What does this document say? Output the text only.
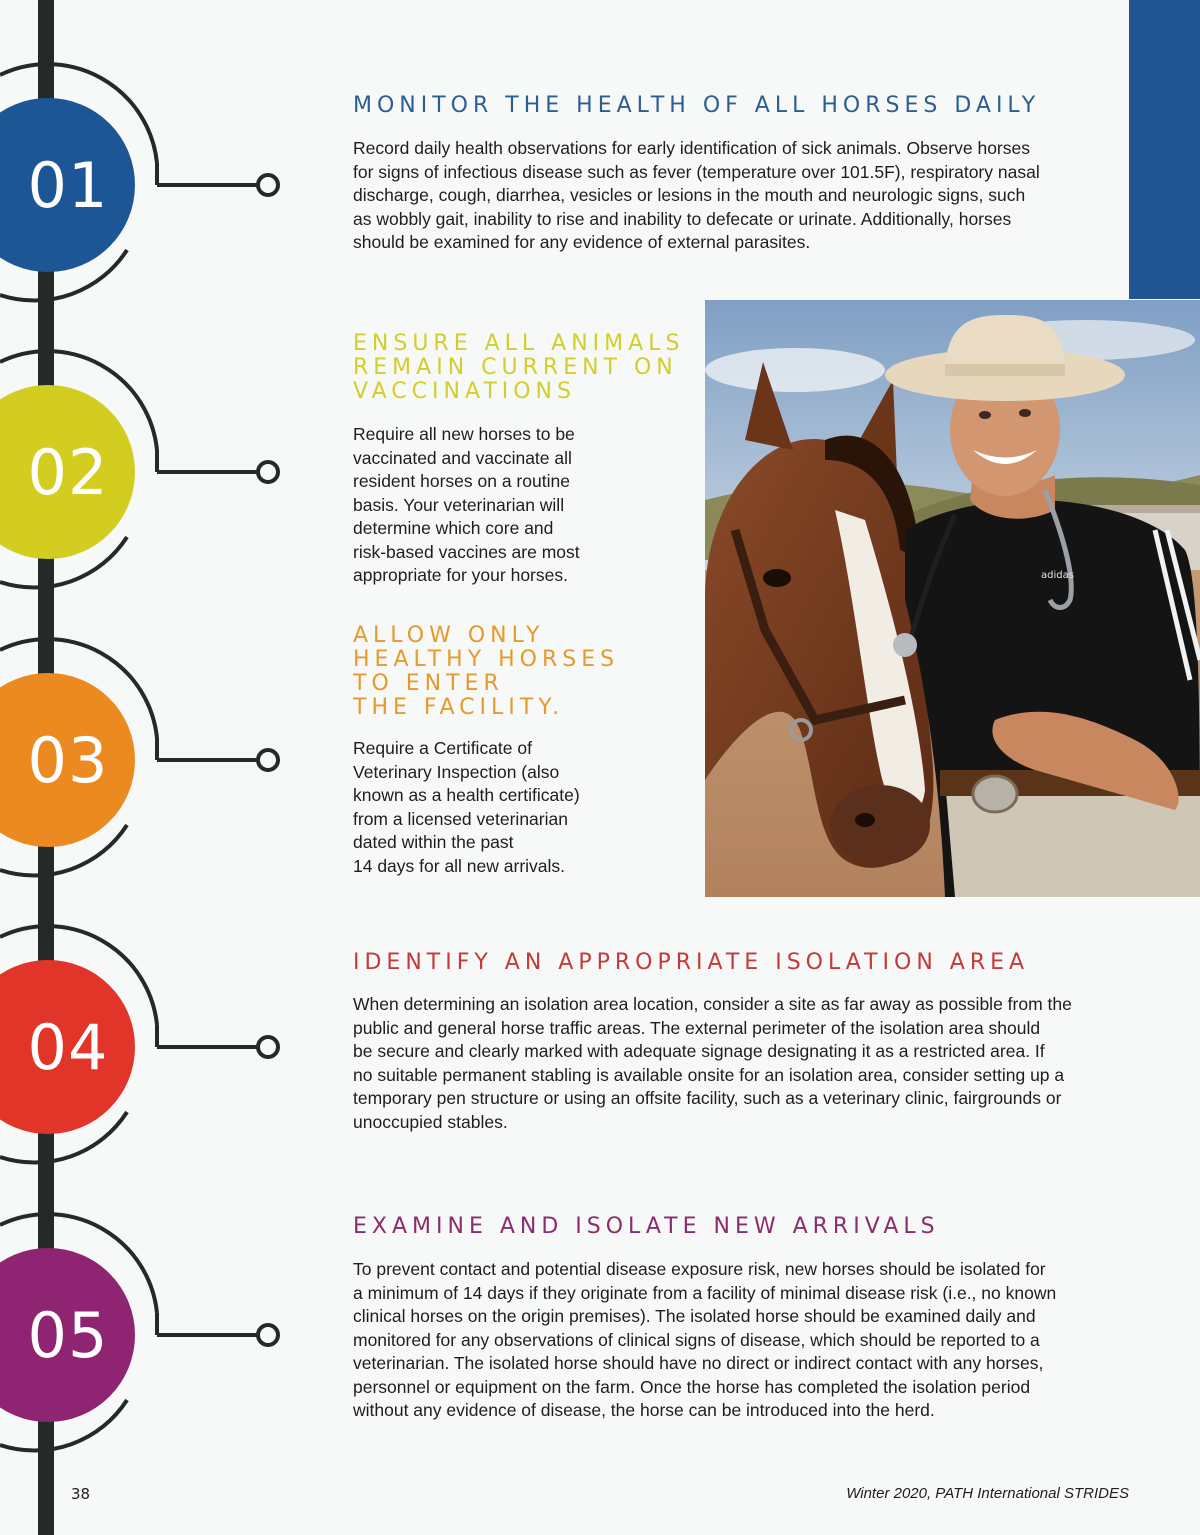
01
02
03
04
05
MONITOR THE HEALTH OF ALL HORSES DAILY

Record daily health observations for early identification of sick animals. Observe horses
for signs of infectious disease such as fever (temperature over 101.5F), respiratory nasal
discharge, cough, diarrhea, vesicles or lesions in the mouth and neurologic signs, such
as wobbly gait, inability to rise and inability to defecate or urinate. Additionally, horses
should be examined for any evidence of external parasites.

ENSURE ALL ANIMALS
REMAIN CURRENT ON
VACCINATIONS

Require all new horses to be
vaccinated and vaccinate all
resident horses on a routine
basis. Your veterinarian will
determine which core and
risk-based vaccines are most
appropriate for your horses.

ALLOW ONLY
HEALTHY HORSES
TO ENTER
THE FACILITY.

Require a Certificate of
Veterinary Inspection (also
known as a health certificate)
from a licensed veterinarian
dated within the past
14 days for all new arrivals.

IDENTIFY AN APPROPRIATE ISOLATION AREA

When determining an isolation area location, consider a site as far away as possible from the
public and general horse traffic areas. The external perimeter of the isolation area should
be secure and clearly marked with adequate signage designating it as a restricted area. If
no suitable permanent stabling is available onsite for an isolation area, consider setting up a
temporary pen structure or using an offsite facility, such as a veterinary clinic, fairgrounds or
unoccupied stables.

EXAMINE AND ISOLATE NEW ARRIVALS

To prevent contact and potential disease exposure risk, new horses should be isolated for
a minimum of 14 days if they originate from a facility of minimal disease risk (i.e., no known
clinical horses on the origin premises). The isolated horse should be examined daily and
monitored for any observations of clinical signs of disease, which should be reported to a
veterinarian. The isolated horse should have no direct or indirect contact with any horses,
personnel or equipment on the farm. Once the horse has completed the isolation period
without any evidence of disease, the horse can be introduced into the herd.

adidas
38	Winter 2020, PATH International STRIDES
